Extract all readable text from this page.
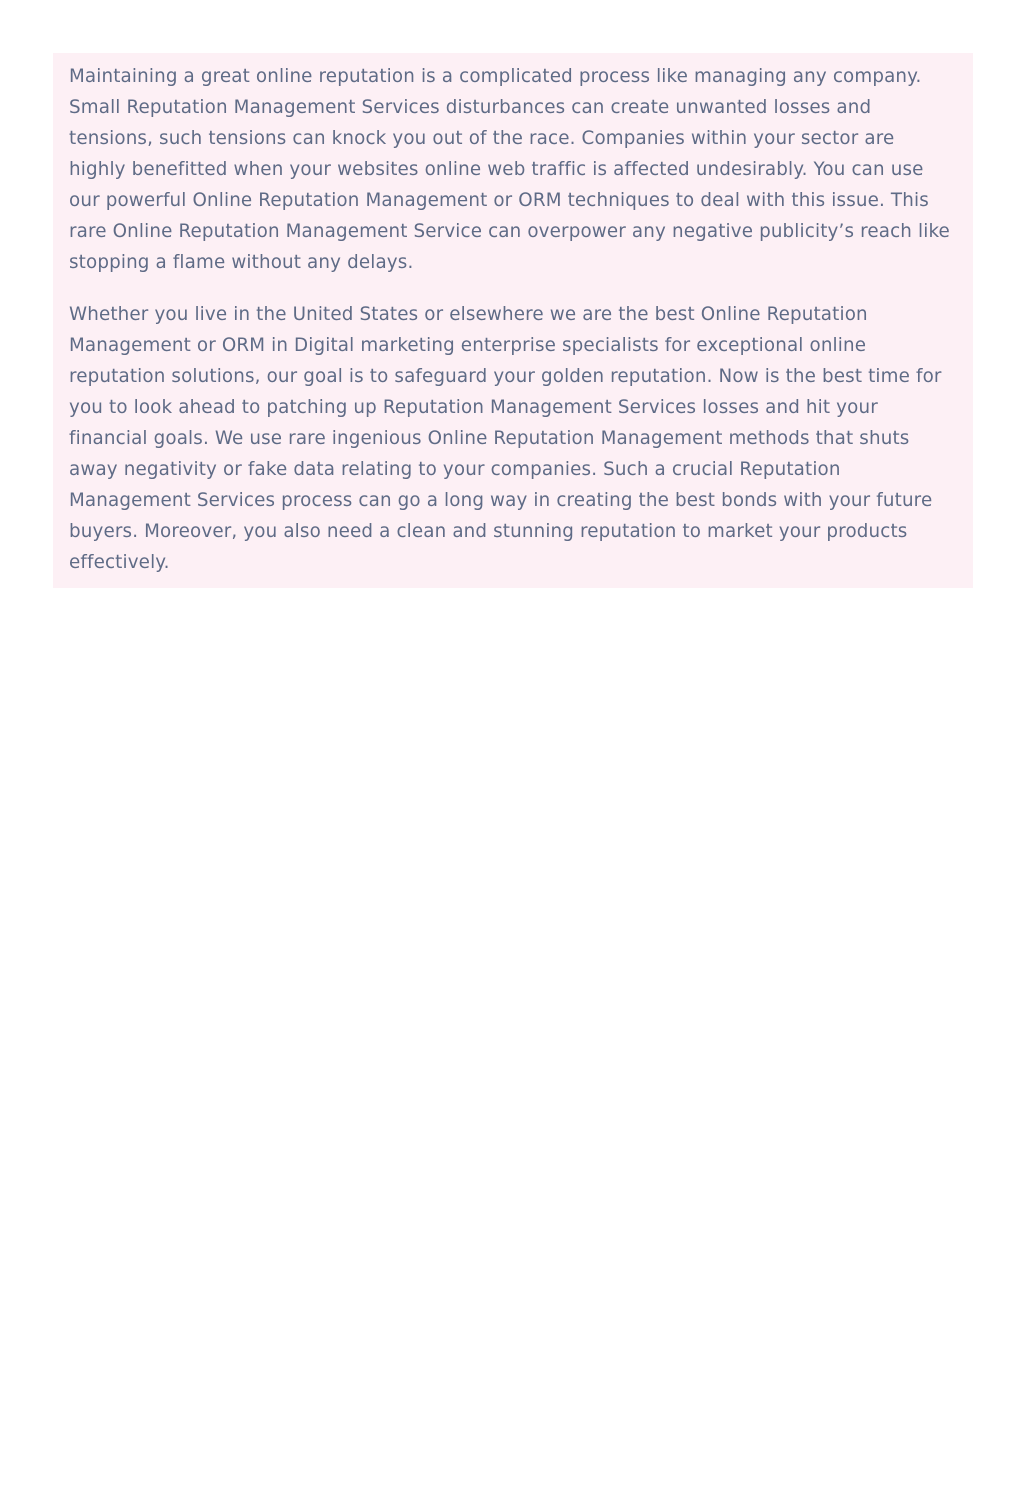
Maintaining a great online reputation is a complicated process like managing any company. Small Reputation Management Services disturbances can create unwanted losses and tensions, such tensions can knock you out of the race. Companies within your sector are highly benefitted when your websites online web traffic is affected undesirably. You can use our powerful Online Reputation Management or ORM techniques to deal with this issue. This rare Online Reputation Management Service can overpower any negative publicity’s reach like stopping a flame without any delays.

Whether you live in the United States or elsewhere we are the best Online Reputation Management or ORM in Digital marketing enterprise specialists for exceptional online reputation solutions, our goal is to safeguard your golden reputation. Now is the best time for you to look ahead to patching up Reputation Management Services losses and hit your financial goals. We use rare ingenious Online Reputation Management methods that shuts away negativity or fake data relating to your companies. Such a crucial Reputation Management Services process can go a long way in creating the best bonds with your future buyers. Moreover, you also need a clean and stunning reputation to market your products effectively.
